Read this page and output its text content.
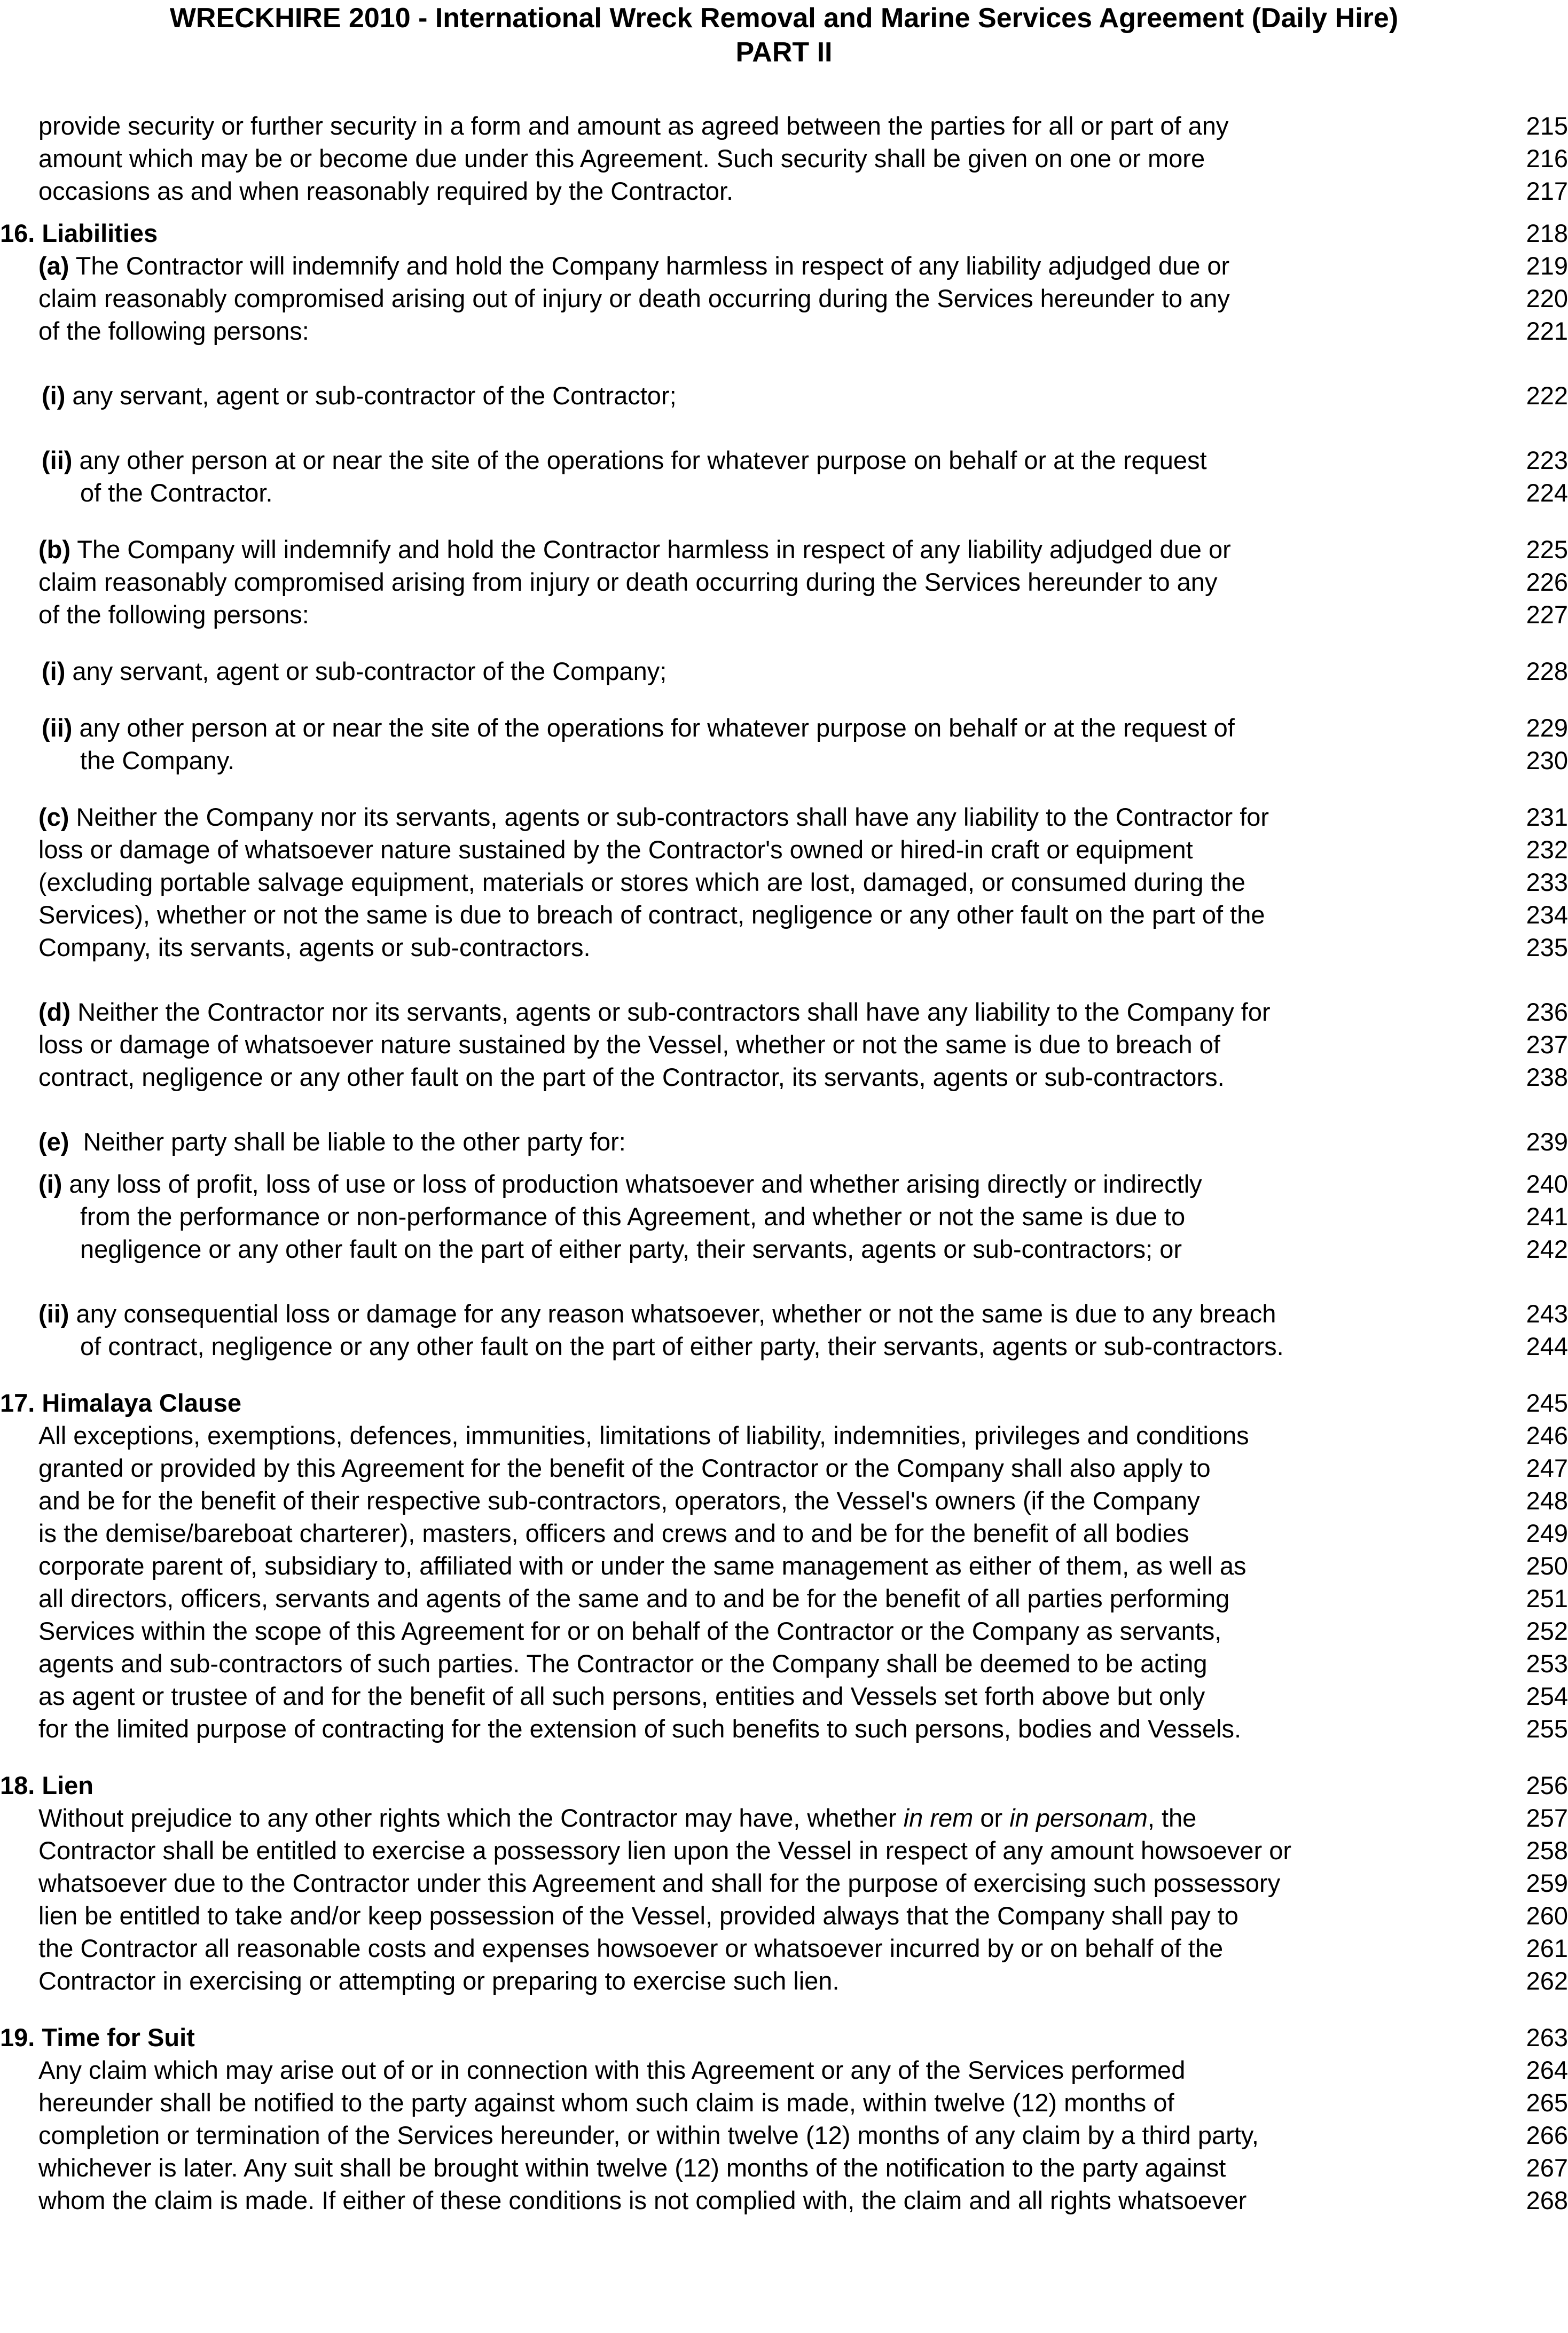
WRECKHIRE 2010 - International Wreck Removal and Marine Services Agreement (Daily Hire)
PART II
provide security or further security in a form and amount as agreed between the parties for all or part of any	215
amount which may be or become due under this Agreement. Such security shall be given on one or more	216
occasions as and when reasonably required by the Contractor.	217
16. Liabilities	218
(a) The Contractor will indemnify and hold the Company harmless in respect of any liability adjudged due or	219
claim reasonably compromised arising out of injury or death occurring during the Services hereunder to any	220
of the following persons:	221
(i) any servant, agent or sub-contractor of the Contractor;	222
(ii) any other person at or near the site of the operations for whatever purpose on behalf or at the request	223
of the Contractor.	224
(b) The Company will indemnify and hold the Contractor harmless in respect of any liability adjudged due or	225
claim reasonably compromised arising from injury or death occurring during the Services hereunder to any	226
of the following persons:	227
(i) any servant, agent or sub-contractor of the Company;	228
(ii) any other person at or near the site of the operations for whatever purpose on behalf or at the request of	229
the Company.	230
(c) Neither the Company nor its servants, agents or sub-contractors shall have any liability to the Contractor for	231
loss or damage of whatsoever nature sustained by the Contractor's owned or hired-in craft or equipment	232
(excluding portable salvage equipment, materials or stores which are lost, damaged, or consumed during the	233
Services), whether or not the same is due to breach of contract, negligence or any other fault on the part of the	234
Company, its servants, agents or sub-contractors.	235
(d) Neither the Contractor nor its servants, agents or sub-contractors shall have any liability to the Company for	236
loss or damage of whatsoever nature sustained by the Vessel, whether or not the same is due to breach of	237
contract, negligence or any other fault on the part of the Contractor, its servants, agents or sub-contractors.	238
(e)  Neither party shall be liable to the other party for:	239
(i) any loss of profit, loss of use or loss of production whatsoever and whether arising directly or indirectly	240
from the performance or non-performance of this Agreement, and whether or not the same is due to	241
negligence or any other fault on the part of either party, their servants, agents or sub-contractors; or	242
(ii) any consequential loss or damage for any reason whatsoever, whether or not the same is due to any breach	243
of contract, negligence or any other fault on the part of either party, their servants, agents or sub-contractors.	244
17. Himalaya Clause	245
All exceptions, exemptions, defences, immunities, limitations of liability, indemnities, privileges and conditions	246
granted or provided by this Agreement for the benefit of the Contractor or the Company shall also apply to	247
and be for the benefit of their respective sub-contractors, operators, the Vessel's owners (if the Company	248
is the demise/bareboat charterer), masters, officers and crews and to and be for the benefit of all bodies	249
corporate parent of, subsidiary to, affiliated with or under the same management as either of them, as well as	250
all directors, officers, servants and agents of the same and to and be for the benefit of all parties performing	251
Services within the scope of this Agreement for or on behalf of the Contractor or the Company as servants,	252
agents and sub-contractors of such parties. The Contractor or the Company shall be deemed to be acting	253
as agent or trustee of and for the benefit of all such persons, entities and Vessels set forth above but only	254
for the limited purpose of contracting for the extension of such benefits to such persons, bodies and Vessels.	255
18. Lien	256
Without prejudice to any other rights which the Contractor may have, whether in rem or in personam, the	257
Contractor shall be entitled to exercise a possessory lien upon the Vessel in respect of any amount howsoever or	258
whatsoever due to the Contractor under this Agreement and shall for the purpose of exercising such possessory	259
lien be entitled to take and/or keep possession of the Vessel, provided always that the Company shall pay to	260
the Contractor all reasonable costs and expenses howsoever or whatsoever incurred by or on behalf of the	261
Contractor in exercising or attempting or preparing to exercise such lien.	262
19. Time for Suit	263
Any claim which may arise out of or in connection with this Agreement or any of the Services performed	264
hereunder shall be notified to the party against whom such claim is made, within twelve (12) months of	265
completion or termination of the Services hereunder, or within twelve (12) months of any claim by a third party,	266
whichever is later. Any suit shall be brought within twelve (12) months of the notification to the party against	267
whom the claim is made. If either of these conditions is not complied with, the claim and all rights whatsoever	268
